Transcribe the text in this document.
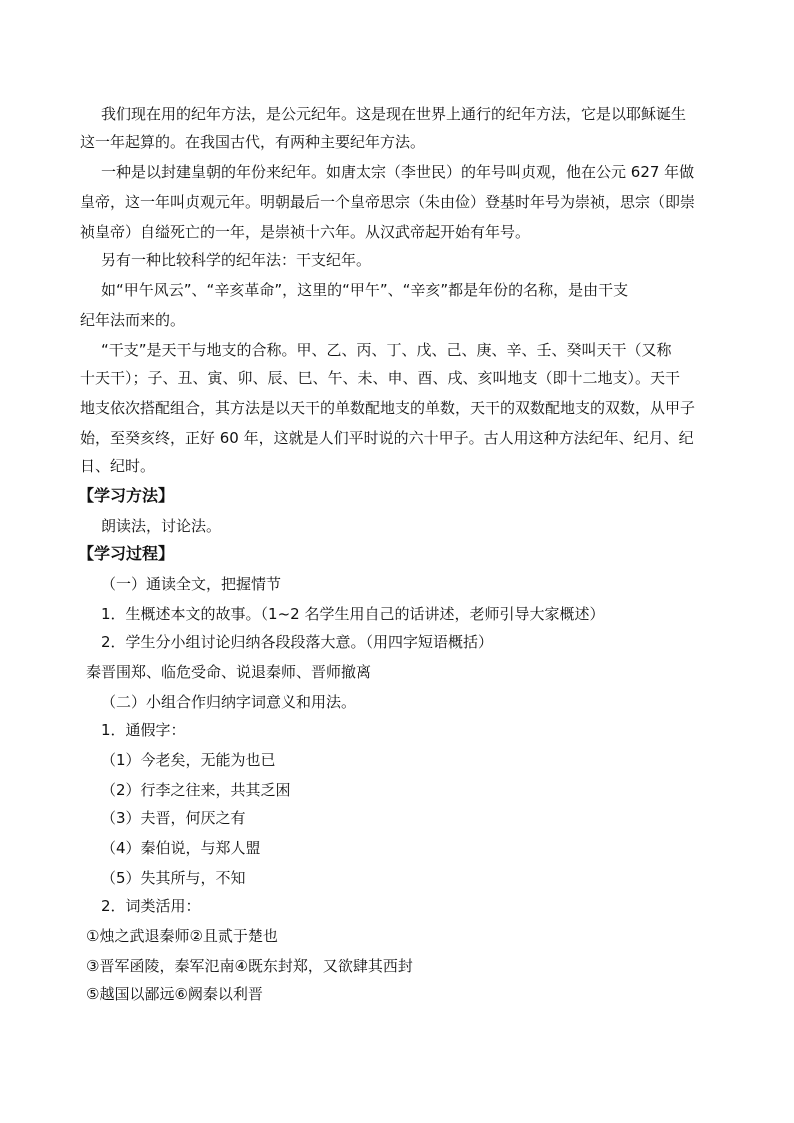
我们现在用的纪年方法，是公元纪年。这是现在世界上通行的纪年方法，它是以耶稣诞生

这一年起算的。在我国古代，有两种主要纪年方法。

一种是以封建皇朝的年份来纪年。如唐太宗（李世民）的年号叫贞观，他在公元 627 年做

皇帝，这一年叫贞观元年。明朝最后一个皇帝思宗（朱由俭）登基时年号为崇祯，思宗（即崇

祯皇帝）自缢死亡的一年，是崇祯十六年。从汉武帝起开始有年号。

另有一种比较科学的纪年法：干支纪年。

如“甲午风云”、“辛亥革命”，这里的“甲午”、“辛亥”都是年份的名称，是由干支

纪年法而来的。

“干支”是天干与地支的合称。甲、乙、丙、丁、戊、己、庚、辛、壬、癸叫天干（又称

十天干）；子、丑、寅、卯、辰、巳、午、未、申、酉、戌、亥叫地支（即十二地支）。天干

地支依次搭配组合，其方法是以天干的单数配地支的单数，天干的双数配地支的双数，从甲子

始，至癸亥终，正好 60 年，这就是人们平时说的六十甲子。古人用这种方法纪年、纪月、纪

日、纪时。

【学习方法】

朗读法，讨论法。

【学习过程】

（一）通读全文，把握情节

1．生概述本文的故事。（1~2 名学生用自己的话讲述，老师引导大家概述）

2．学生分小组讨论归纳各段段落大意。（用四字短语概括）

秦晋围郑、临危受命、说退秦师、晋师撤离

（二）小组合作归纳字词意义和用法。

1．通假字：

（1）今老矣，无能为也已

（2）行李之往来，共其乏困

（3）夫晋，何厌之有

（4）秦伯说，与郑人盟

（5）失其所与，不知

2．词类活用：

①烛之武退秦师②且贰于楚也

③晋军函陵，秦军氾南④既东封郑，又欲肆其西封

⑤越国以鄙远⑥阙秦以利晋
